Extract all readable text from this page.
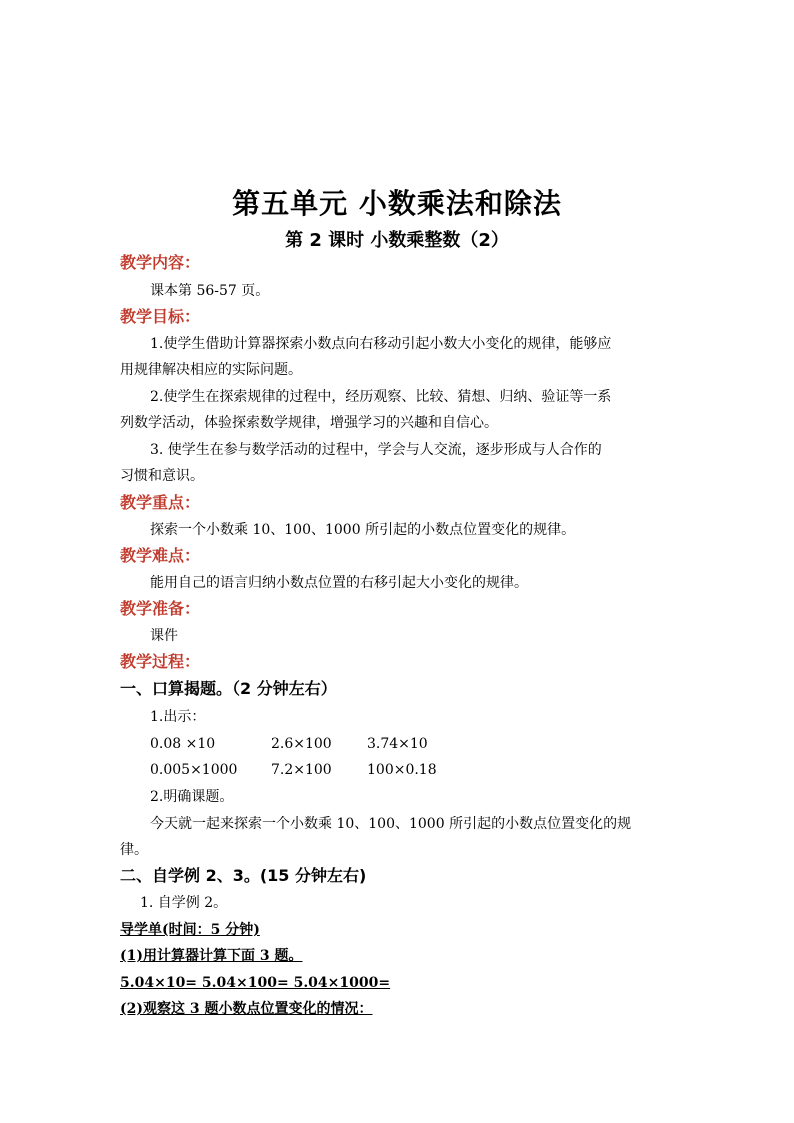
第五单元 小数乘法和除法
第 2 课时 小数乘整数（2）
教学内容：
课本第 56-57 页。
教学目标：
1.使学生借助计算器探索小数点向右移动引起小数大小变化的规律，能够应
用规律解决相应的实际问题。
2.使学生在探索规律的过程中，经历观察、比较、猜想、归纳、验证等一系
列数学活动，体验探索数学规律，增强学习的兴趣和自信心。
3. 使学生在参与数学活动的过程中，学会与人交流，逐步形成与人合作的
习惯和意识。
教学重点：
探索一个小数乘 10、100、1000 所引起的小数点位置变化的规律。
教学难点：
能用自己的语言归纳小数点位置的右移引起大小变化的规律。
教学准备：
课件
教学过程：
一、口算揭题。（2 分钟左右）
1.出示：
0.08 ×10	2.6×100	3.74×10
0.005×1000 7.2×100	100×0.18
2.明确课题。
今天就一起来探索一个小数乘 10、100、1000 所引起的小数点位置变化的规
律。
二、自学例 2、3。(15 分钟左右)
1. 自学例 2。
导学单(时间：5 分钟)
(1)用计算器计算下面 3 题。
5.04×10= 5.04×100= 5.04×1000=
(2)观察这 3 题小数点位置变化的情况：
